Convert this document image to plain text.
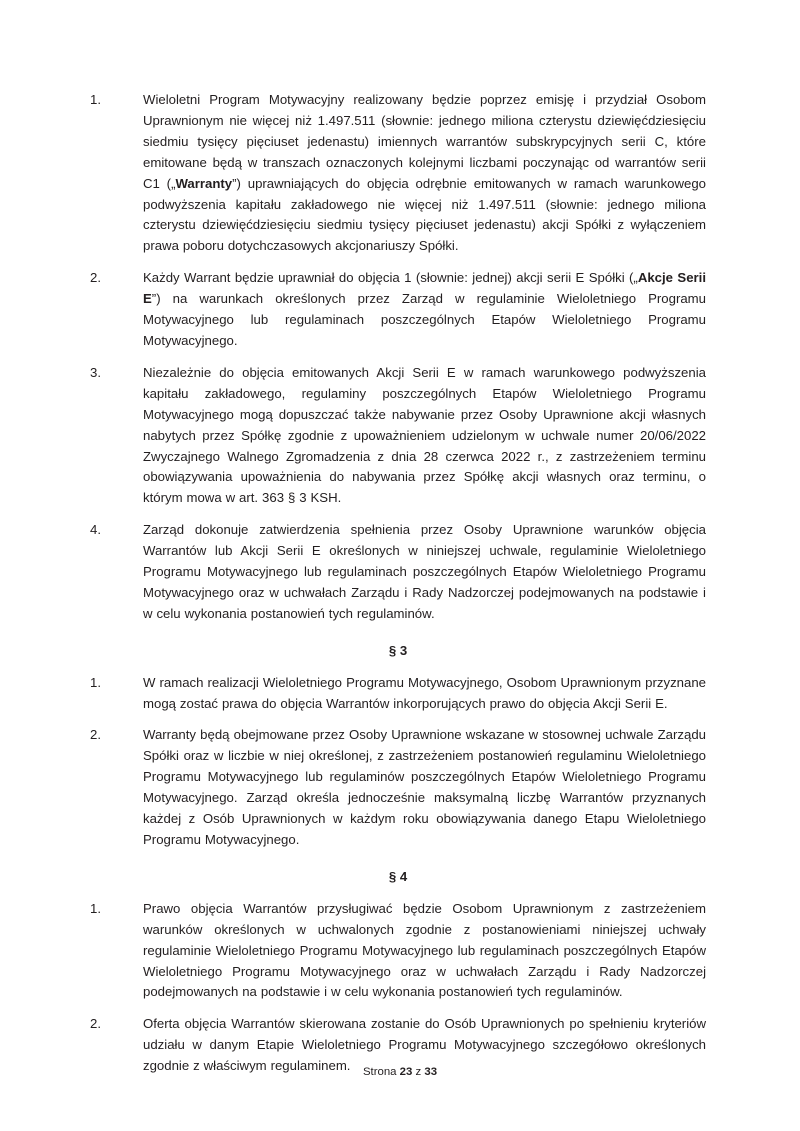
1.	Wieloletni Program Motywacyjny realizowany będzie poprzez emisję i przydział Osobom Uprawnionym nie więcej niż 1.497.511 (słownie: jednego miliona czterystu dziewięćdziesięciu siedmiu tysięcy pięciuset jedenastu) imiennych warrantów subskrypcyjnych serii C, które emitowane będą w transzach oznaczonych kolejnymi liczbami poczynając od warrantów serii C1 („Warranty”) uprawniających do objęcia odrębnie emitowanych w ramach warunkowego podwyższenia kapitału zakładowego nie więcej niż 1.497.511 (słownie: jednego miliona czterystu dziewięćdziesięciu siedmiu tysięcy pięciuset jedenastu) akcji Spółki z wyłączeniem prawa poboru dotychczasowych akcjonariuszy Spółki.
2.	Każdy Warrant będzie uprawniał do objęcia 1 (słownie: jednej) akcji serii E Spółki („Akcje Serii E”) na warunkach określonych przez Zarząd w regulaminie Wieloletniego Programu Motywacyjnego lub regulaminach poszczególnych Etapów Wieloletniego Programu Motywacyjnego.
3.	Niezależnie do objęcia emitowanych Akcji Serii E w ramach warunkowego podwyższenia kapitału zakładowego, regulaminy poszczególnych Etapów Wieloletniego Programu Motywacyjnego mogą dopuszczać także nabywanie przez Osoby Uprawnione akcji własnych nabytych przez Spółkę zgodnie z upoważnieniem udzielonym w uchwale numer 20/06/2022 Zwyczajnego Walnego Zgromadzenia z dnia 28 czerwca 2022 r., z zastrzeżeniem terminu obowiązywania upoważnienia do nabywania przez Spółkę akcji własnych oraz terminu, o którym mowa w art. 363 § 3 KSH.
4.	Zarząd dokonuje zatwierdzenia spełnienia przez Osoby Uprawnione warunków objęcia Warrantów lub Akcji Serii E określonych w niniejszej uchwale, regulaminie Wieloletniego Programu Motywacyjnego lub regulaminach poszczególnych Etapów Wieloletniego Programu Motywacyjnego oraz w uchwałach Zarządu i Rady Nadzorczej podejmowanych na podstawie i w celu wykonania postanowień tych regulaminów.
§ 3
1.	W ramach realizacji Wieloletniego Programu Motywacyjnego, Osobom Uprawnionym przyznane mogą zostać prawa do objęcia Warrantów inkorporujących prawo do objęcia Akcji Serii E.
2.	Warranty będą obejmowane przez Osoby Uprawnione wskazane w stosownej uchwale Zarządu Spółki oraz w liczbie w niej określonej, z zastrzeżeniem postanowień regulaminu Wieloletniego Programu Motywacyjnego lub regulaminów poszczególnych Etapów Wieloletniego Programu Motywacyjnego. Zarząd określa jednocześnie maksymalną liczbę Warrantów przyznanych każdej z Osób Uprawnionych w każdym roku obowiązywania danego Etapu Wieloletniego Programu Motywacyjnego.
§ 4
1.	Prawo objęcia Warrantów przysługiwać będzie Osobom Uprawnionym z zastrzeżeniem warunków określonych w uchwalonych zgodnie z postanowieniami niniejszej uchwały regulaminie Wieloletniego Programu Motywacyjnego lub regulaminach poszczególnych Etapów Wieloletniego Programu Motywacyjnego oraz w uchwałach Zarządu i Rady Nadzorczej podejmowanych na podstawie i w celu wykonania postanowień tych regulaminów.
2.	Oferta objęcia Warrantów skierowana zostanie do Osób Uprawnionych po spełnieniu kryteriów udziału w danym Etapie Wieloletniego Programu Motywacyjnego szczegółowo określonych zgodnie z właściwym regulaminem.	Strona 23 z 33
